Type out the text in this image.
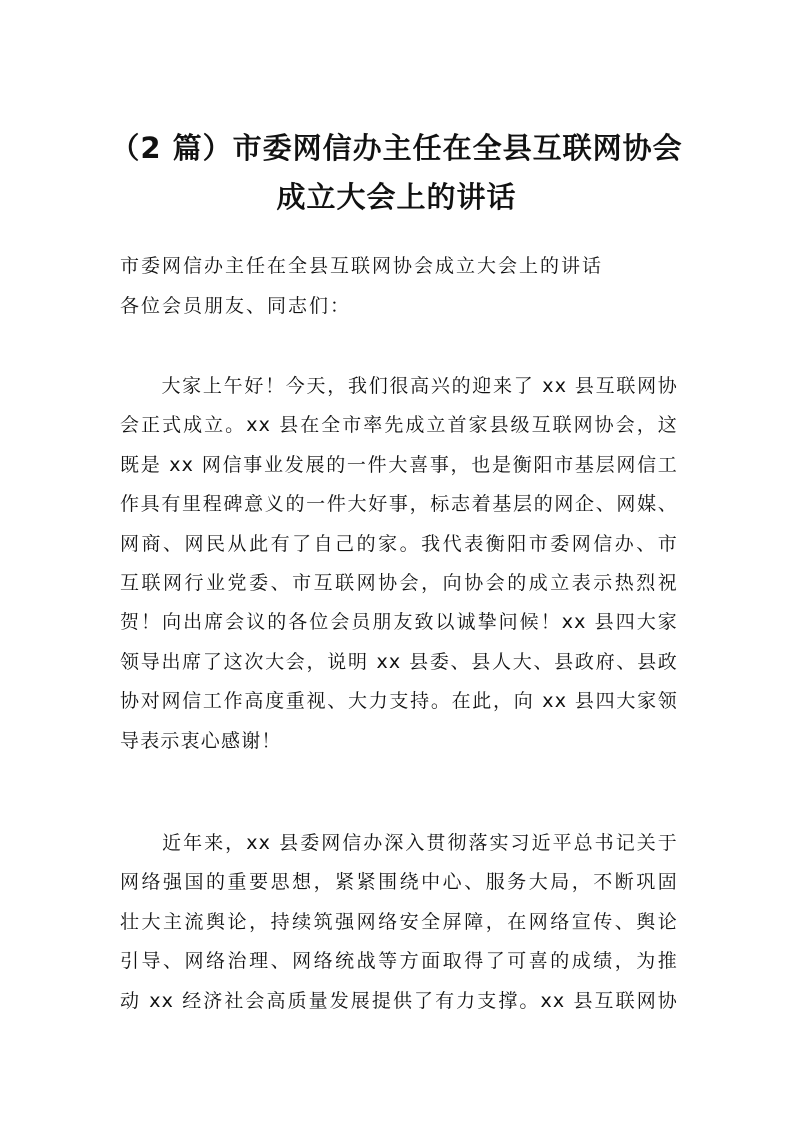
（2 篇）市委网信办主任在全县互联网协会
成立大会上的讲话
市委网信办主任在全县互联网协会成立大会上的讲话
各位会员朋友、同志们：
　　大家上午好！今天，我们很高兴的迎来了 xx 县互联网协
会正式成立。xx 县在全市率先成立首家县级互联网协会，这
既是 xx 网信事业发展的一件大喜事，也是衡阳市基层网信工
作具有里程碑意义的一件大好事，标志着基层的网企、网媒、
网商、网民从此有了自己的家。我代表衡阳市委网信办、市
互联网行业党委、市互联网协会，向协会的成立表示热烈祝
贺！向出席会议的各位会员朋友致以诚挚问候！xx 县四大家
领导出席了这次大会，说明 xx 县委、县人大、县政府、县政
协对网信工作高度重视、大力支持。在此，向 xx 县四大家领
导表示衷心感谢！
　　近年来，xx 县委网信办深入贯彻落实习近平总书记关于
网络强国的重要思想，紧紧围绕中心、服务大局，不断巩固
壮大主流舆论，持续筑强网络安全屏障，在网络宣传、舆论
引导、网络治理、网络统战等方面取得了可喜的成绩，为推
动 xx 经济社会高质量发展提供了有力支撑。xx 县互联网协
